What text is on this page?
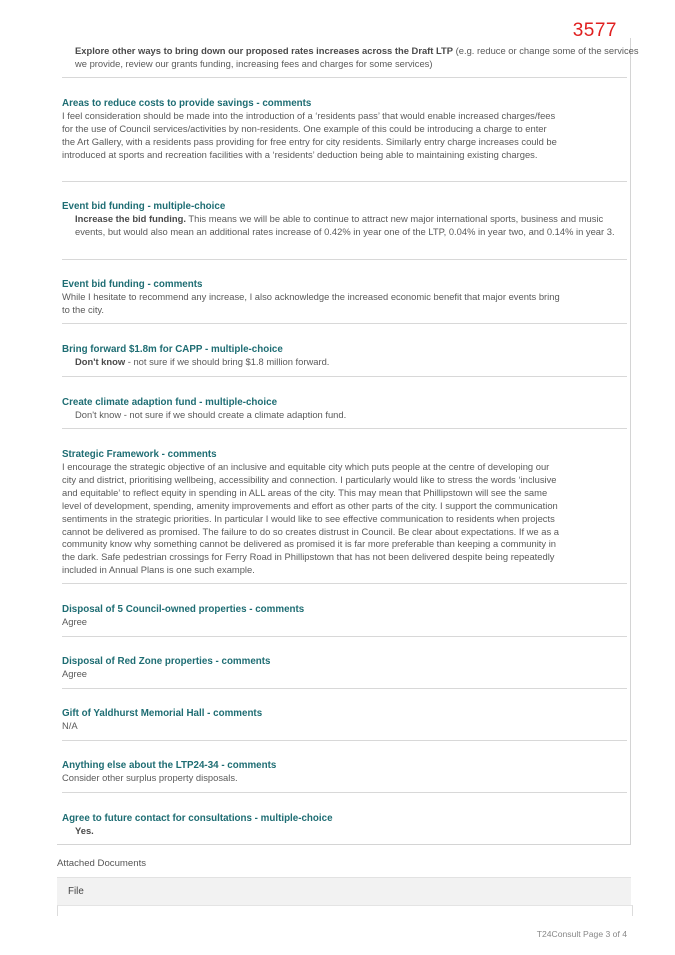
3577
Explore other ways to bring down our proposed rates increases across the Draft LTP (e.g. reduce or change some of the services we provide, review our grants funding, increasing fees and charges for some services)
Areas to reduce costs to provide savings - comments
I feel consideration should be made into the introduction of a ‘residents pass’ that would enable increased charges/fees for the use of Council services/activities by non-residents. One example of this could be introducing a charge to enter the Art Gallery, with a residents pass providing for free entry for city residents. Similarly entry charge increases could be introduced at sports and recreation facilities with a ‘residents’ deduction being able to maintaining existing charges.
Event bid funding - multiple-choice
Increase the bid funding. This means we will be able to continue to attract new major international sports, business and music events, but would also mean an additional rates increase of 0.42% in year one of the LTP, 0.04% in year two, and 0.14% in year 3.
Event bid funding - comments
While I hesitate to recommend any increase, I also acknowledge the increased economic benefit that major events bring to the city.
Bring forward $1.8m for CAPP - multiple-choice
Don't know - not sure if we should bring $1.8 million forward.
Create climate adaption fund - multiple-choice
Don't know - not sure if we should create a climate adaption fund.
Strategic Framework - comments
I encourage the strategic objective of an inclusive and equitable city which puts people at the centre of developing our city and district, prioritising wellbeing, accessibility and connection. I particularly would like to stress the words ‘inclusive and equitable’ to reflect equity in spending in ALL areas of the city. This may mean that Phillipstown will see the same level of development, spending, amenity improvements and effort as other parts of the city. I support the communication sentiments in the strategic priorities. In particular I would like to see effective communication to residents when projects cannot be delivered as promised. The failure to do so creates distrust in Council. Be clear about expectations. If we as a community know why something cannot be delivered as promised it is far more preferable than keeping a community in the dark. Safe pedestrian crossings for Ferry Road in Phillipstown that has not been delivered despite being repeatedly included in Annual Plans is one such example.
Disposal of 5 Council-owned properties - comments
Agree
Disposal of Red Zone properties - comments
Agree
Gift of Yaldhurst Memorial Hall - comments
N/A
Anything else about the LTP24-34 - comments
Consider other surplus property disposals.
Agree to future contact for consultations - multiple-choice
Yes.
Attached Documents
File
T24Consult Page 3 of 4
